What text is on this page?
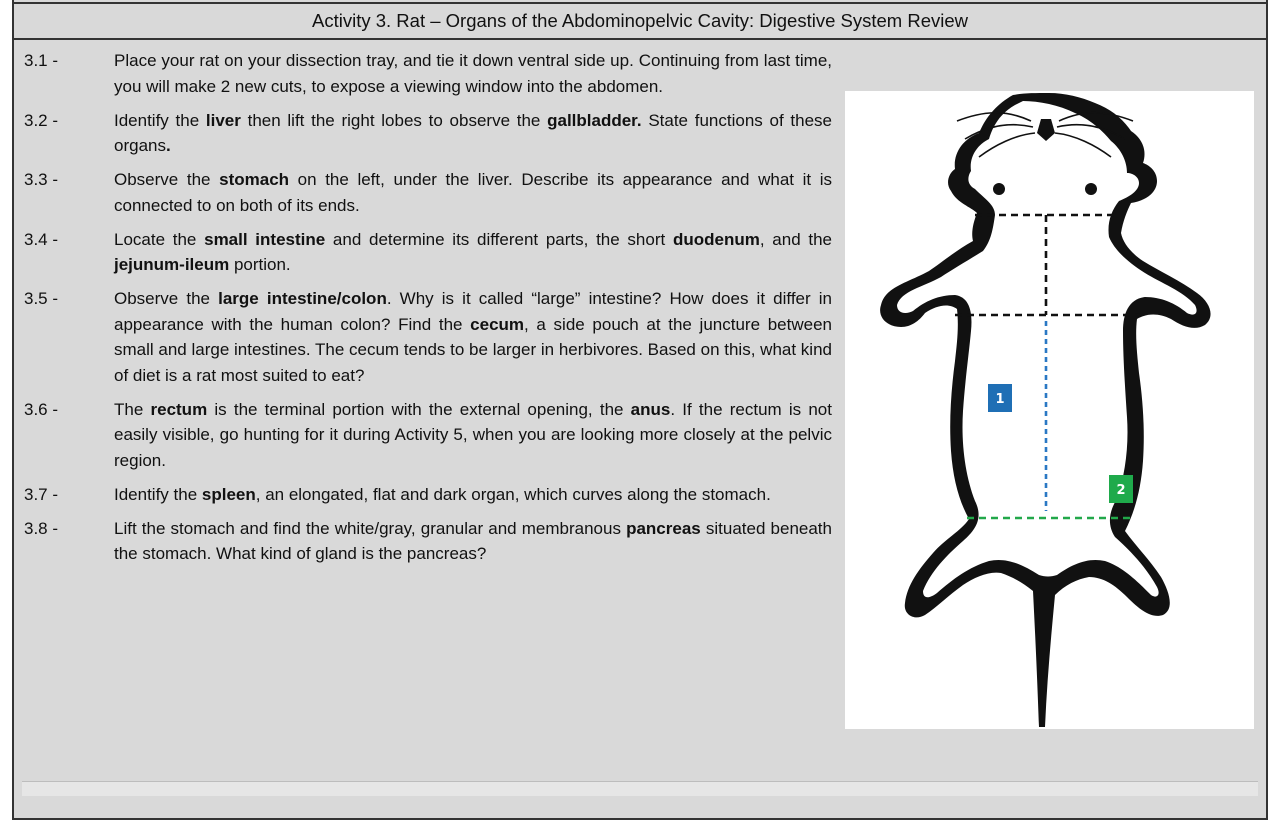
Activity 3. Rat – Organs of the Abdominopelvic Cavity: Digestive System Review
3.1 -	Place your rat on your dissection tray, and tie it down ventral side up. Continuing from last time, you will make 2 new cuts, to expose a viewing window into the abdomen.
3.2 -	Identify the liver then lift the right lobes to observe the gallbladder. State functions of these organs.
3.3 -	Observe the stomach on the left, under the liver. Describe its appearance and what it is connected to on both of its ends.
3.4 -	Locate the small intestine and determine its different parts, the short duodenum, and the jejunum-ileum portion.
3.5 -	Observe the large intestine/colon. Why is it called “large” intestine? How does it differ in appearance with the human colon? Find the cecum, a side pouch at the juncture between small and large intestines. The cecum tends to be larger in herbivores. Based on this, what kind of diet is a rat most suited to eat?
3.6 -	The rectum is the terminal portion with the external opening, the anus. If the rectum is not easily visible, go hunting for it during Activity 5, when you are looking more closely at the pelvic region.
3.7 -	Identify the spleen, an elongated, flat and dark organ, which curves along the stomach.
3.8 -	Lift the stomach and find the white/gray, granular and membranous pancreas situated beneath the stomach. What kind of gland is the pancreas?
1
2
